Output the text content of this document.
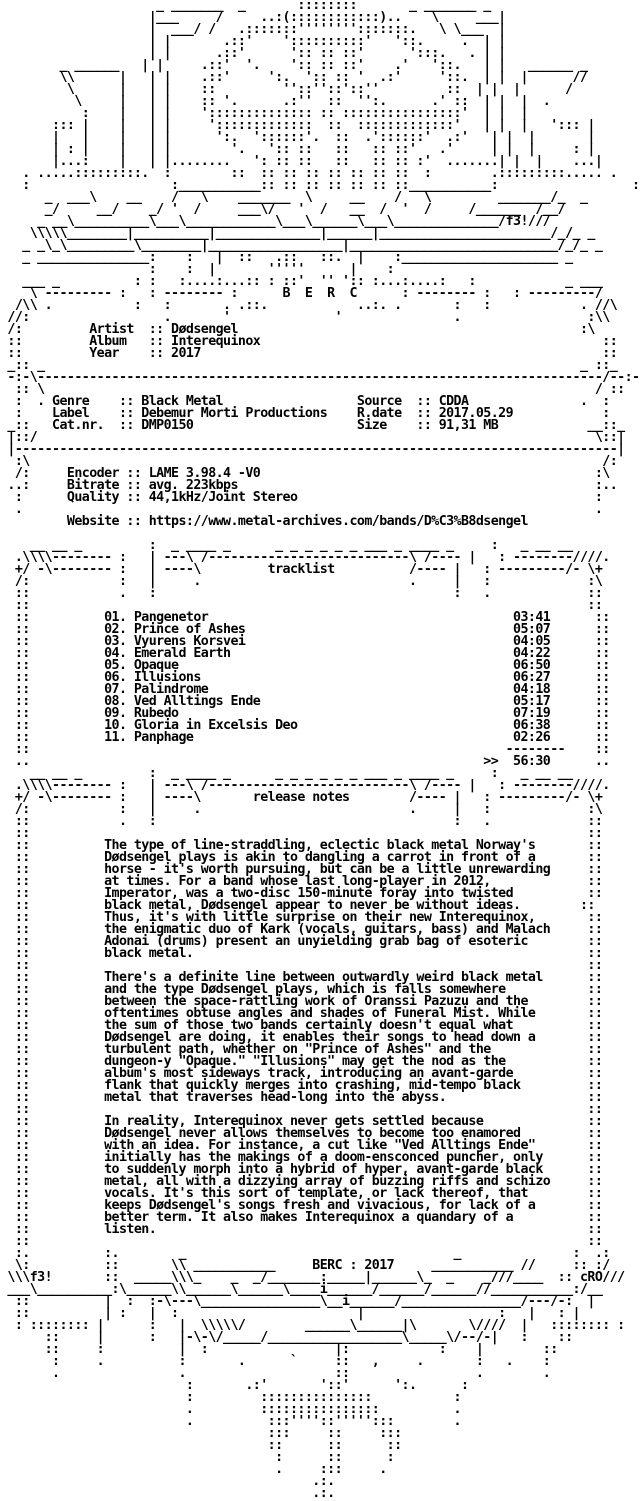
_ _______  _       ::::::::       _ _______ _
|___     /     ..:(::::::::::::)..    \     ___|
|  ___/ /   .:::::::'''''''':::::::.   \ \___  |
| |       .::'    '::::::::::'   '::.     .  | |
| |      .::'      ':: :: ::'      ':::.   . | |
_ ______   | |     .::'  '.    ':: :: ::'    .'   '::.   | |   ______ _
\\      |   | |    .::'     ':.  ':: :: '  .:'     '::.  | |  |      //
\      |   | |    ::         ''::''::'::''         ::  | |  |      /
\     |   | |    :: '.      .:''  ::  '':.      .' ::  | |  |  .
:    |   | |    ':::::::::::::: :: ::::::::::::::::'  | |  |
::: |    |   | |     ':::::::::::::  ::  :::::::::::::'   | |  |   '::: |
|   |    |   | |      ':.  '::::::'.  ::  .'::::::'  .:'   | |  |       |
| : |    |   | |        '.   ':: ::   ::   :: ::'   .'     | |  |     : |
|...:    |   | |........   ': :: ::   ::   :: :: :'  .......| |  |    ...|
. .....:::::::::.  :        ::  :: :: :: :: :: :: ::  :        .:::::::::..... .
:                   :___________:: :: :: :: :: :: ::___________:                  :
_  ___\    __    /   \    _______  \     __    /   \         _______/_  _
_/     __/    _/ '  /     ___\/   '  /   __  /  '  /     /______  /__/
_ __\__________\___\____________\___\______\___\______________/f3!///
\\\\\________|__________|______________|______|_______________________/_/_ _
_ _\_\_________\________|__________________|____________________________/_/_ _
_ _______________:    :   |  ::   .::   ::.  |    :_____________________ _
:    :  |       '''''      |    :
___ _          : :   :....:...:: : ::'  '' ':: :...:....:   :            _ ___
\ --------- :   : -------- :      B  E  R  C      : -------- :   : ---------/
/\\ .           :   :       . .::.            ..:. .       :   :            . //\
//:                  .       '              '               .                 :\\
/:         Artist  :: Dødsengel                                              :\
::         Album   :: Interequinox                                              ::
::         Year    :: 2017                                                      ::
_:: _                                                                        _ ::_
-:-\----------------------------------------------------------------------------/--:-
:: \                                                                          / ::
:  . Genre    :: Black Metal                  Source  :: CDDA               .  :
:    Label    :: Debemur Morti Productions    R.date  :: 2017.05.29            :
_::   Cat.nr.  :: DMP0150                      Size    :: 91,31 MB            __::_
|::/                                                                           \::|
|---------------------------------------------------------------------------------|
:\                                                                             /:
/:     Encoder :: LAME 3.98.4 -V0                                             :\
..:     Bitrate :: avg. 223kbps                                                :..
:      Quality :: 44,1kHz/Joint Stereo                                        :
.                                                                             .
Website :: https://www.metal-archives.com/bands/D%C3%B8dsengel

__ __ _         :  _ ____ _      _ _ _ _ _ _ ___ _ ____ _     :   _ __ __
.\\\\-------- :   | ---\ /---------------------------\ /---- |   : --------////.
+/ -\-------- :   | ----\         tracklist          /---- |   : ---------/- \+
/:            :   |     .                            .     |   :             :\
::            .   :                                        :   .             ::
::                                                                           ::
::          01. Pangenetor                                         03:41      ::
::          02. Prince of Ashes                                    05:07      ::
::          03. Vyurens Korsvei                                    04:05      ::
::          04. Emerald Earth                                      04:22      ::
::          05. Opaque                                             06:50      ::
::          06. Illusions                                          06:27      ::
::          07. Palindrome                                         04:18      ::
::          08. Ved Alltings Ende                                  05:17      ::
::          09. Rubedo                                             07:19      ::
::          10. Gloria in Excelsis Deo                             06:38      ::
::          11. Panphage                                           02:26      ::
::                                                                --------    ::
..                                                             >>  56:30      ..
__ __ _         :  _ ____ _      _ _ _ _ _ _ ___ _ ____ _     :   _ __ __
.\\\\-------- :   | ---\ /---------------------------\ /---- |   : --------////.
+/ -\-------- :   | ----\       release notes        /---- |   : ---------/- \+
/:            :   |     .                            .     |   :             :\
::            .   :                                        :   .             ::
::                                                                           ::
::          The type of line-straddling, eclectic black metal Norway's       ::
::          Dødsengel plays is akin to dangling a carrot in front of a       ::
::          horse - it's worth pursuing, but can be a little unrewarding     ::
::          at times. For a band whose last long-player in 2012,             ::
::          Imperator, was a two-disc 150-minute foray into twisted          ::
::          black metal, Dødsengel appear to never be without ideas.        ::
::          Thus, it's with little surprise on their new Interequinox,       ::
::          the enigmatic duo of Kark (vocals, guitars, bass) and Malach     ::
::          Adonai (drums) present an unyielding grab bag of esoteric        ::
::          black metal.                                                     ::
::                                                                           ::
::          There's a definite line between outwardly weird black metal      ::
::          and the type Dødsengel plays, which is falls somewhere           ::
::          between the space-rattling work of Oranssi Pazuzu and the        ::
::          oftentimes obtuse angles and shades of Funeral Mist. While       ::
::          the sum of those two bands certainly doesn't equal what          ::
::          Dødsengel are doing, it enables their songs to head down a       ::
::          turbulent path, whether on "Prince of Ashes" and the             ::
::          dungeon-y "Opaque." "Illusions" may get the nod as the           ::
::          album's most sideways track, introducing an avant-garde          ::
::          flank that quickly merges into crashing, mid-tempo black         ::
::          metal that traverses head-long into the abyss.                   ::
::                                                                           ::
::          In reality, Interequinox never gets settled because              ::
::          Dødsengel never allows themselves to become too enamored         ::
::          with an idea. For instance, a cut like "Ved Alltings Ende"       ::
::          initially has the makings of a doom-ensconced puncher, only      ::
::          to suddenly morph into a hybrid of hyper, avant-garde black      ::
::          metal, all with a dizzying array of buzzing riffs and schizo     ::
::          vocals. It's this sort of template, or lack thereof, that        ::
::          keeps Dødsengel's songs fresh and vivacious, for lack of a       ::
::          better term. It also makes Interequinox a quandary of a          ::
::          listen.                                                          ::
::                                                                           ::
:.          :.        _                                    _               :  .:
\:          ::       \\ ___________     BERC : 2017     ___________ //     :: :/
\\\f3!       ::  _____\\\_    _  _/_______:_____|______\_  _    _///____  :: cRO///
___\__________:\______\\______\______\____i______/______/______//___________:/__
::          |  :  :-\---\________________\__i______/________________/---/-:  |
::          | :   |  :                        |                  :   |   : |
: :::::::: |      :   |  \\\\\/        ______\______|\       \////  |   :::::::: :
::     |      :   |-\-\/_____/__________________\_____\/--/-|   :    ::
::     :          |  :                 |:            :    |        ::
:     .          :       .      `     ::   ,     .       :   .    :
.                .                    ::                 .        .
:       .:'       '::'      ':.      :
:         :::::::::::::::           :
.         ::::::::::::::::          .
.          :::''''::''''':::        .
:::     ::     :::
::      ::      ::
:      ::      :
.     :::     .
.:.
.:.
